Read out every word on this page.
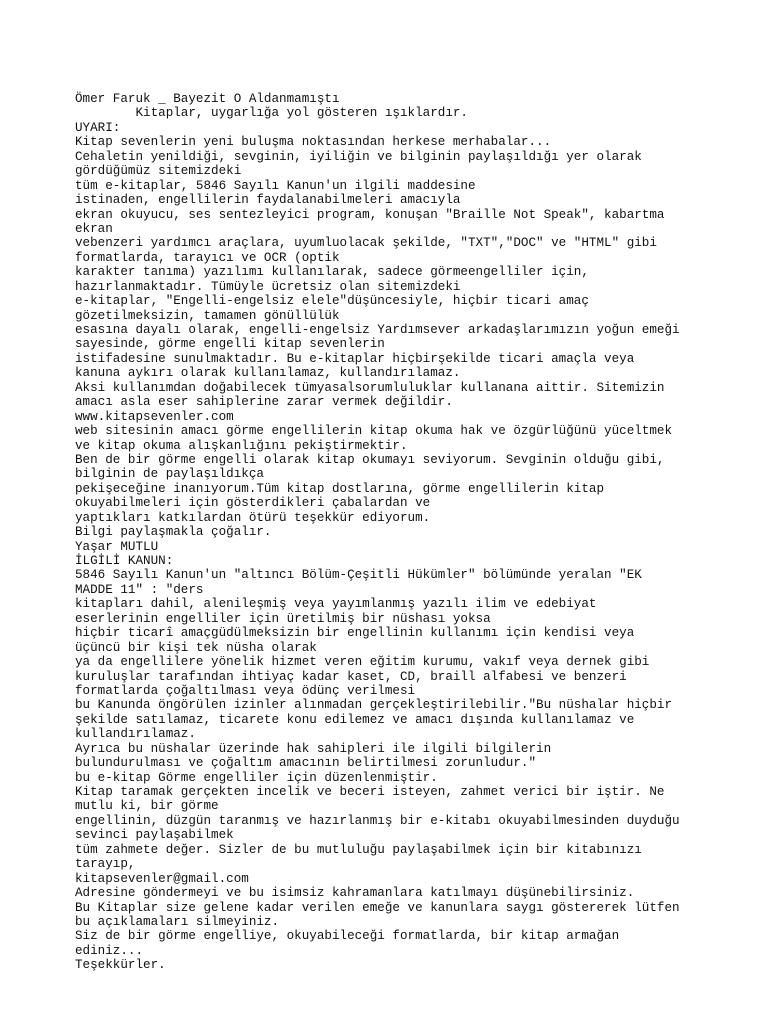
Ömer Faruk _ Bayezit O Aldanmamıştı
Kitaplar, uygarlığa yol gösteren ışıklardır.
UYARI:
Kitap sevenlerin yeni buluşma noktasından herkese merhabalar...
Cehaletin yenildiği, sevginin, iyiliğin ve bilginin paylaşıldığı yer olarak
gördüğümüz sitemizdeki
tüm e-kitaplar, 5846 Sayılı Kanun'un ilgili maddesine
istinaden, engellilerin faydalanabilmeleri amacıyla
ekran okuyucu, ses sentezleyici program, konuşan "Braille Not Speak", kabartma
ekran
vebenzeri yardımcı araçlara, uyumluolacak şekilde, "TXT","DOC" ve "HTML" gibi
formatlarda, tarayıcı ve OCR (optik
karakter tanıma) yazılımı kullanılarak, sadece görmeengelliler için,
hazırlanmaktadır. Tümüyle ücretsiz olan sitemizdeki
e-kitaplar, "Engelli-engelsiz elele"düşüncesiyle, hiçbir ticari amaç
gözetilmeksizin, tamamen gönüllülük
esasına dayalı olarak, engelli-engelsiz Yardımsever arkadaşlarımızın yoğun emeği
sayesinde, görme engelli kitap sevenlerin
istifadesine sunulmaktadır. Bu e-kitaplar hiçbirşekilde ticari amaçla veya
kanuna aykırı olarak kullanılamaz, kullandırılamaz.
Aksi kullanımdan doğabilecek tümyasalsorumluluklar kullanana aittir. Sitemizin
amacı asla eser sahiplerine zarar vermek değildir.
www.kitapsevenler.com
web sitesinin amacı görme engellilerin kitap okuma hak ve özgürlüğünü yüceltmek
ve kitap okuma alışkanlığını pekiştirmektir.
Ben de bir görme engelli olarak kitap okumayı seviyorum. Sevginin olduğu gibi,
bilginin de paylaşıldıkça
pekişeceğine inanıyorum.Tüm kitap dostlarına, görme engellilerin kitap
okuyabilmeleri için gösterdikleri çabalardan ve
yaptıkları katkılardan ötürü teşekkür ediyorum.
Bilgi paylaşmakla çoğalır.
Yaşar MUTLU
İLGİLİ KANUN:
5846 Sayılı Kanun'un "altıncı Bölüm-Çeşitli Hükümler" bölümünde yeralan "EK
MADDE 11" : "ders
kitapları dahil, alenileşmiş veya yayımlanmış yazılı ilim ve edebiyat
eserlerinin engelliler için üretilmiş bir nüshası yoksa
hiçbir ticarî amaçgüdülmeksizin bir engellinin kullanımı için kendisi veya
üçüncü bir kişi tek nüsha olarak
ya da engellilere yönelik hizmet veren eğitim kurumu, vakıf veya dernek gibi
kuruluşlar tarafından ihtiyaç kadar kaset, CD, braill alfabesi ve benzeri
formatlarda çoğaltılması veya ödünç verilmesi
bu Kanunda öngörülen izinler alınmadan gerçekleştirilebilir."Bu nüshalar hiçbir
şekilde satılamaz, ticarete konu edilemez ve amacı dışında kullanılamaz ve
kullandırılamaz.
Ayrıca bu nüshalar üzerinde hak sahipleri ile ilgili bilgilerin
bulundurulması ve çoğaltım amacının belirtilmesi zorunludur."
bu e-kitap Görme engelliler için düzenlenmiştir.
Kitap taramak gerçekten incelik ve beceri isteyen, zahmet verici bir iştir. Ne
mutlu ki, bir görme
engellinin, düzgün taranmış ve hazırlanmış bir e-kitabı okuyabilmesinden duyduğu
sevinci paylaşabilmek
tüm zahmete değer. Sizler de bu mutluluğu paylaşabilmek için bir kitabınızı
tarayıp,
kitapsevenler@gmail.com
Adresine göndermeyi ve bu isimsiz kahramanlara katılmayı düşünebilirsiniz.
Bu Kitaplar size gelene kadar verilen emeğe ve kanunlara saygı göstererek lütfen
bu açıklamaları silmeyiniz.
Siz de bir görme engelliye, okuyabileceği formatlarda, bir kitap armağan
ediniz...
Teşekkürler.
